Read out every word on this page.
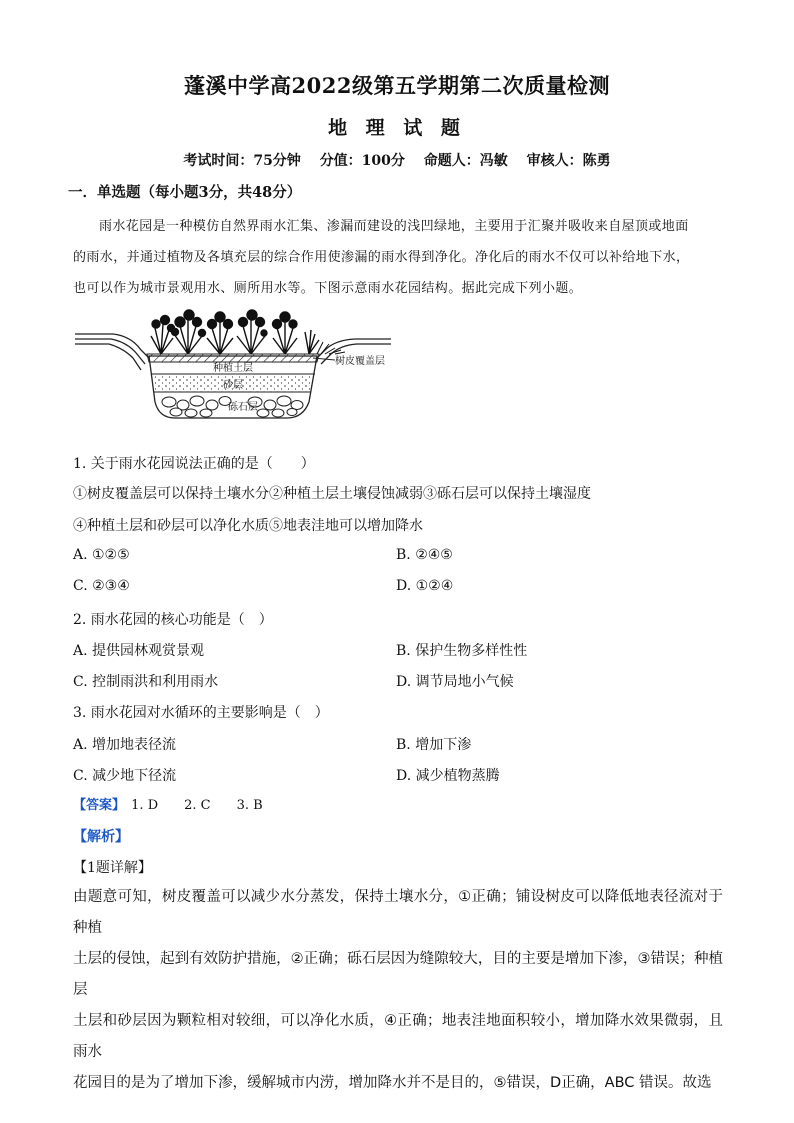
蓬溪中学高2022级第五学期第二次质量检测
地 理 试 题
考试时间：75分钟 分值：100分 命题人：冯敏 审核人：陈勇
一．单选题（每小题3分，共48分）
雨水花园是一种模仿自然界雨水汇集、渗漏而建设的浅凹绿地，主要用于汇聚并吸收来自屋顶或地面
的雨水，并通过植物及各填充层的综合作用使渗漏的雨水得到净化。净化后的雨水不仅可以补给地下水，
也可以作为城市景观用水、厕所用水等。下图示意雨水花园结构。据此完成下列小题。
树皮覆盖层
种植土层
砂层
砾石层
1. 关于雨水花园说法正确的是（　　）
①树皮覆盖层可以保持土壤水分②种植土层土壤侵蚀减弱③砾石层可以保持土壤湿度
④种植土层和砂层可以净化水质⑤地表洼地可以增加降水
A. ①②⑤	B. ②④⑤
C. ②③④	D. ①②④
2. 雨水花园的核心功能是（　）
A. 提供园林观赏景观	B. 保护生物多样性性
C. 控制雨洪和利用雨水	D. 调节局地小气候
3. 雨水花园对水循环的主要影响是（　）
A. 增加地表径流	B. 增加下渗
C. 减少地下径流	D. 减少植物蒸腾
【答案】 1. D 2. C 3. B
【解析】
【1题详解】
由题意可知，树皮覆盖可以减少水分蒸发，保持土壤水分，①正确；铺设树皮可以降低地表径流对于种植
土层的侵蚀，起到有效防护措施，②正确；砾石层因为缝隙较大，目的主要是增加下渗，③错误；种植层
土层和砂层因为颗粒相对较细，可以净化水质，④正确；地表洼地面积较小，增加降水效果微弱，且雨水
花园目的是为了增加下渗，缓解城市内涝，增加降水并不是目的，⑤错误，D正确，ABC 错误。故选
